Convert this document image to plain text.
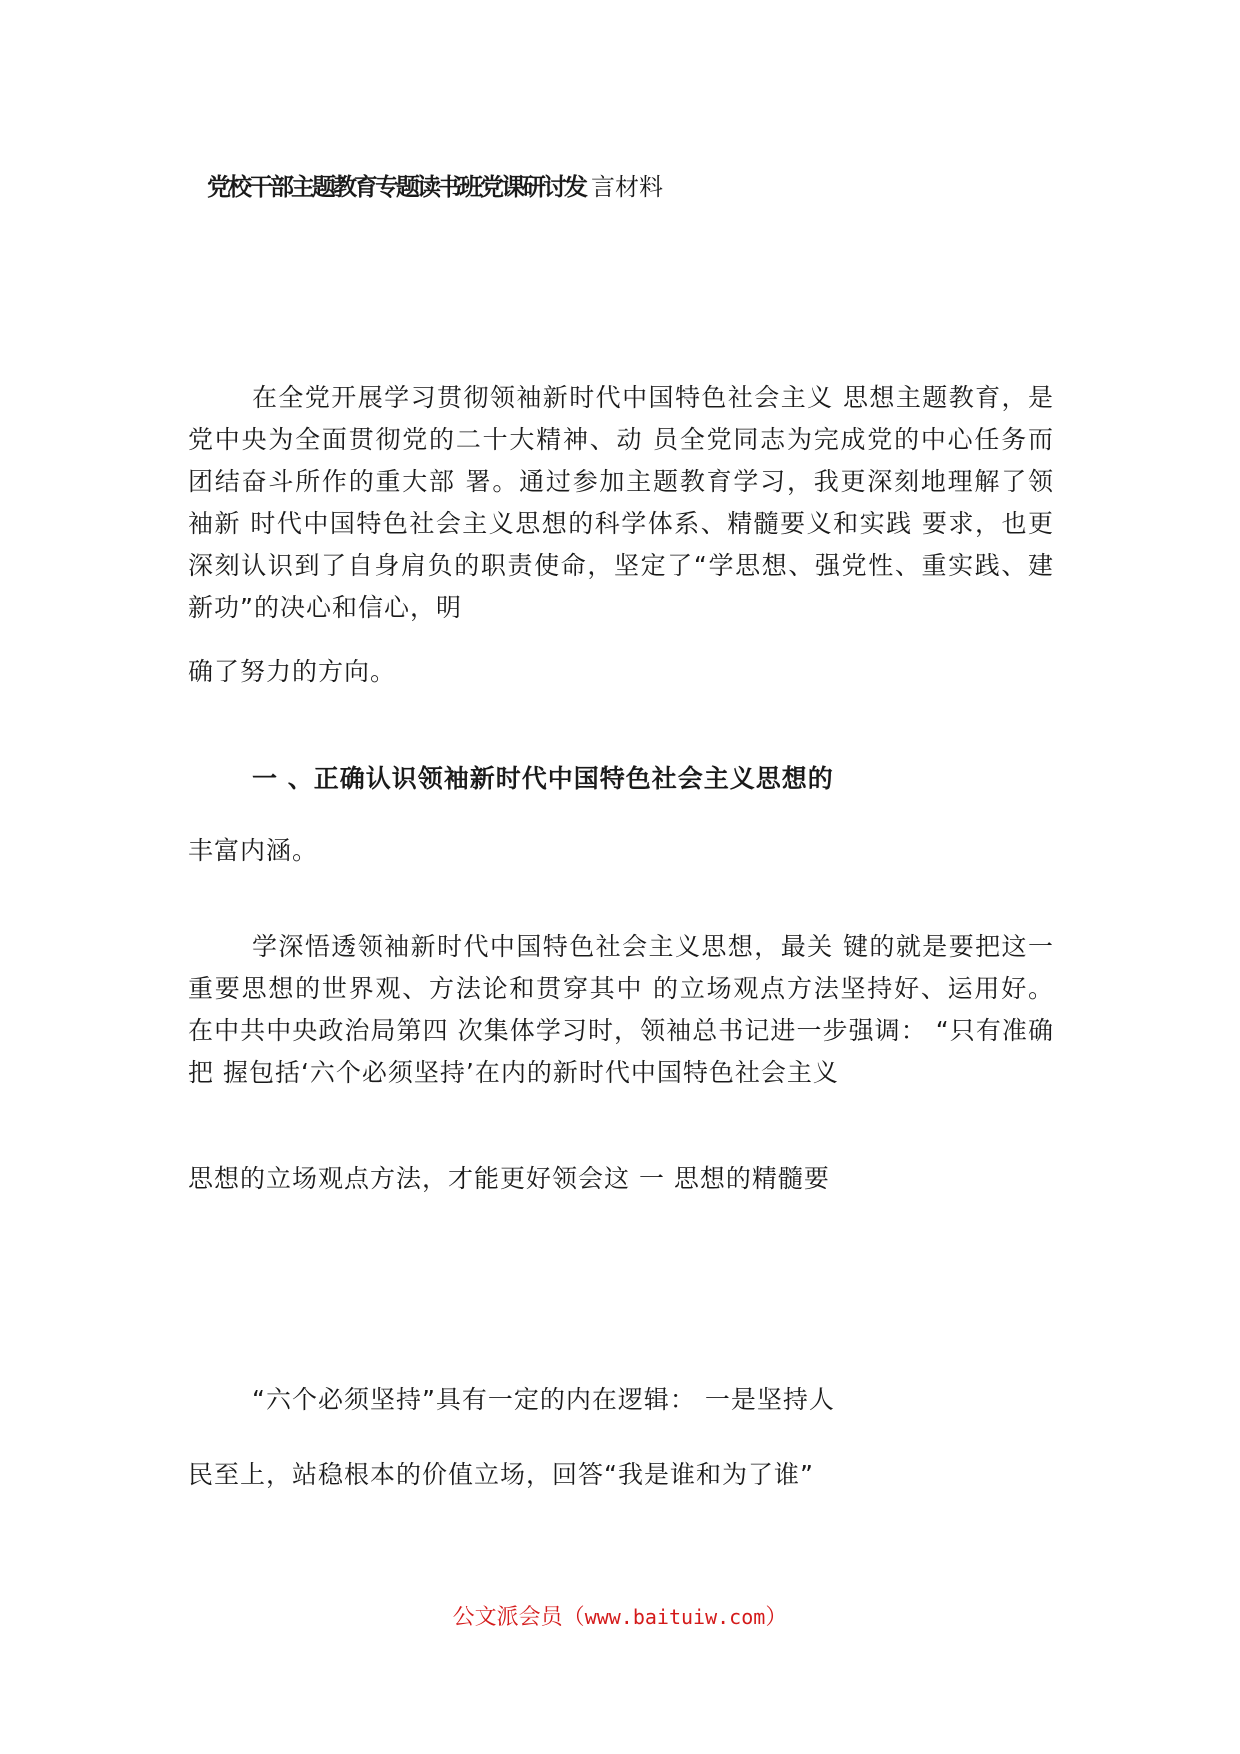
党校干部主题教育专题读书班党课研讨发 言材料

在全党开展学习贯彻领袖新时代中国特色社会主义 思想主题教育，是党中央为全面贯彻党的二十大精神、动 员全党同志为完成党的中心任务而团结奋斗所作的重大部 署。通过参加主题教育学习，我更深刻地理解了领袖新 时代中国特色社会主义思想的科学体系、精髓要义和实践 要求，也更深刻认识到了自身肩负的职责使命，坚定了“学思想、强党性、重实践、建新功”的决心和信心，明

确了努力的方向。

一 、正确认识领袖新时代中国特色社会主义思想的

丰富内涵。

学深悟透领袖新时代中国特色社会主义思想，最关 键的就是要把这一 重要思想的世界观、方法论和贯穿其中 的立场观点方法坚持好、运用好。在中共中央政治局第四 次集体学习时，领袖总书记进一步强调： “只有准确把 握包括‘六个必须坚持’在内的新时代中国特色社会主义

思想的立场观点方法，才能更好领会这 一 思想的精髓要

“六个必须坚持”具有一定的内在逻辑： 一是坚持人

民至上，站稳根本的价值立场，回答“我是谁和为了谁”

公文派会员（www.baituiw.com）
